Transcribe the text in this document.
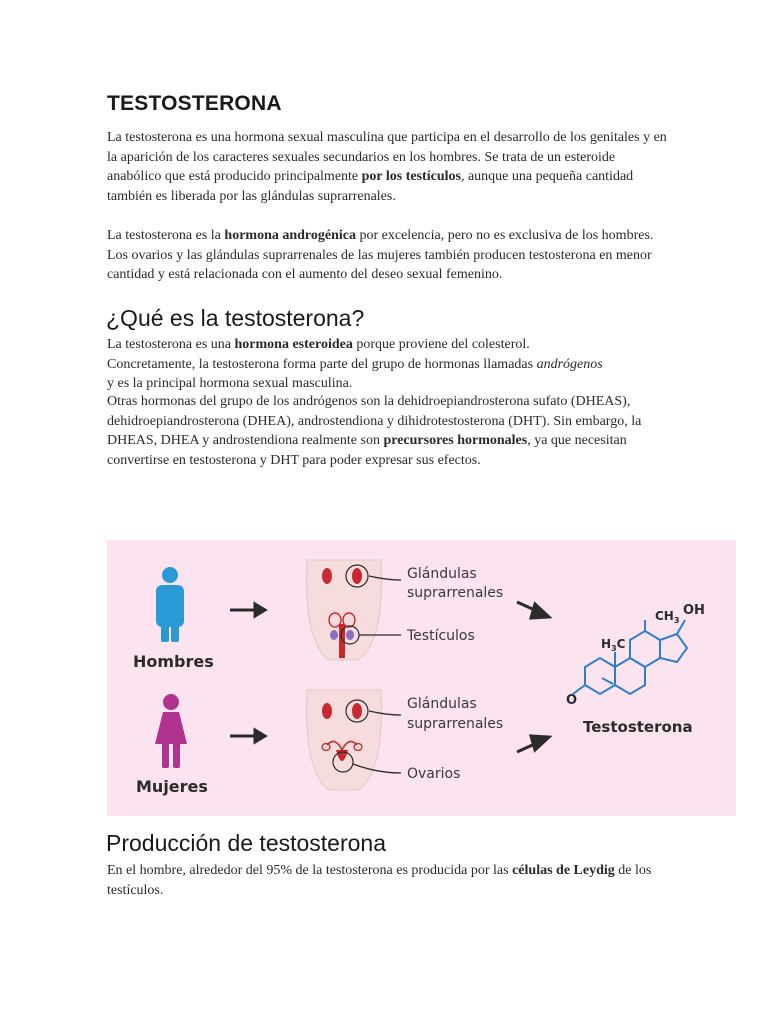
TESTOSTERONA

La testosterona es una hormona sexual masculina que participa en el desarrollo de los genitales y en la aparición de los caracteres sexuales secundarios en los hombres. Se trata de un esteroide anabólico que está producido principalmente por los testículos, aunque una pequeña cantidad también es liberada por las glándulas suprarrenales.

La testosterona es la hormona androgénica por excelencia, pero no es exclusiva de los hombres. Los ovarios y las glándulas suprarrenales de las mujeres también producen testosterona en menor cantidad y está relacionada con el aumento del deseo sexual femenino.

¿Qué es la testosterona?

La testosterona es una hormona esteroidea porque proviene del colesterol. Concretamente, la testosterona forma parte del grupo de hormonas llamadas andrógenos y es la principal hormona sexual masculina.

Otras hormonas del grupo de los andrógenos son la dehidroepiandrosterona sufato (DHEAS), dehidroepiandrosterona (DHEA), androstendiona y dihidrotestosterona (DHT). Sin embargo, la DHEAS, DHEA y androstendiona realmente son precursores hormonales, ya que necesitan convertirse en testosterona y DHT para poder expresar sus efectos.

Hombres
Mujeres
Glándulas
suprarrenales
Testículos
Glándulas
suprarrenales
Ovarios
O
$H_3C$
$CH_3$
OH
Testosterona
Producción de testosterona

En el hombre, alrededor del 95% de la testosterona es producida por las células de Leydig de los testículos.
